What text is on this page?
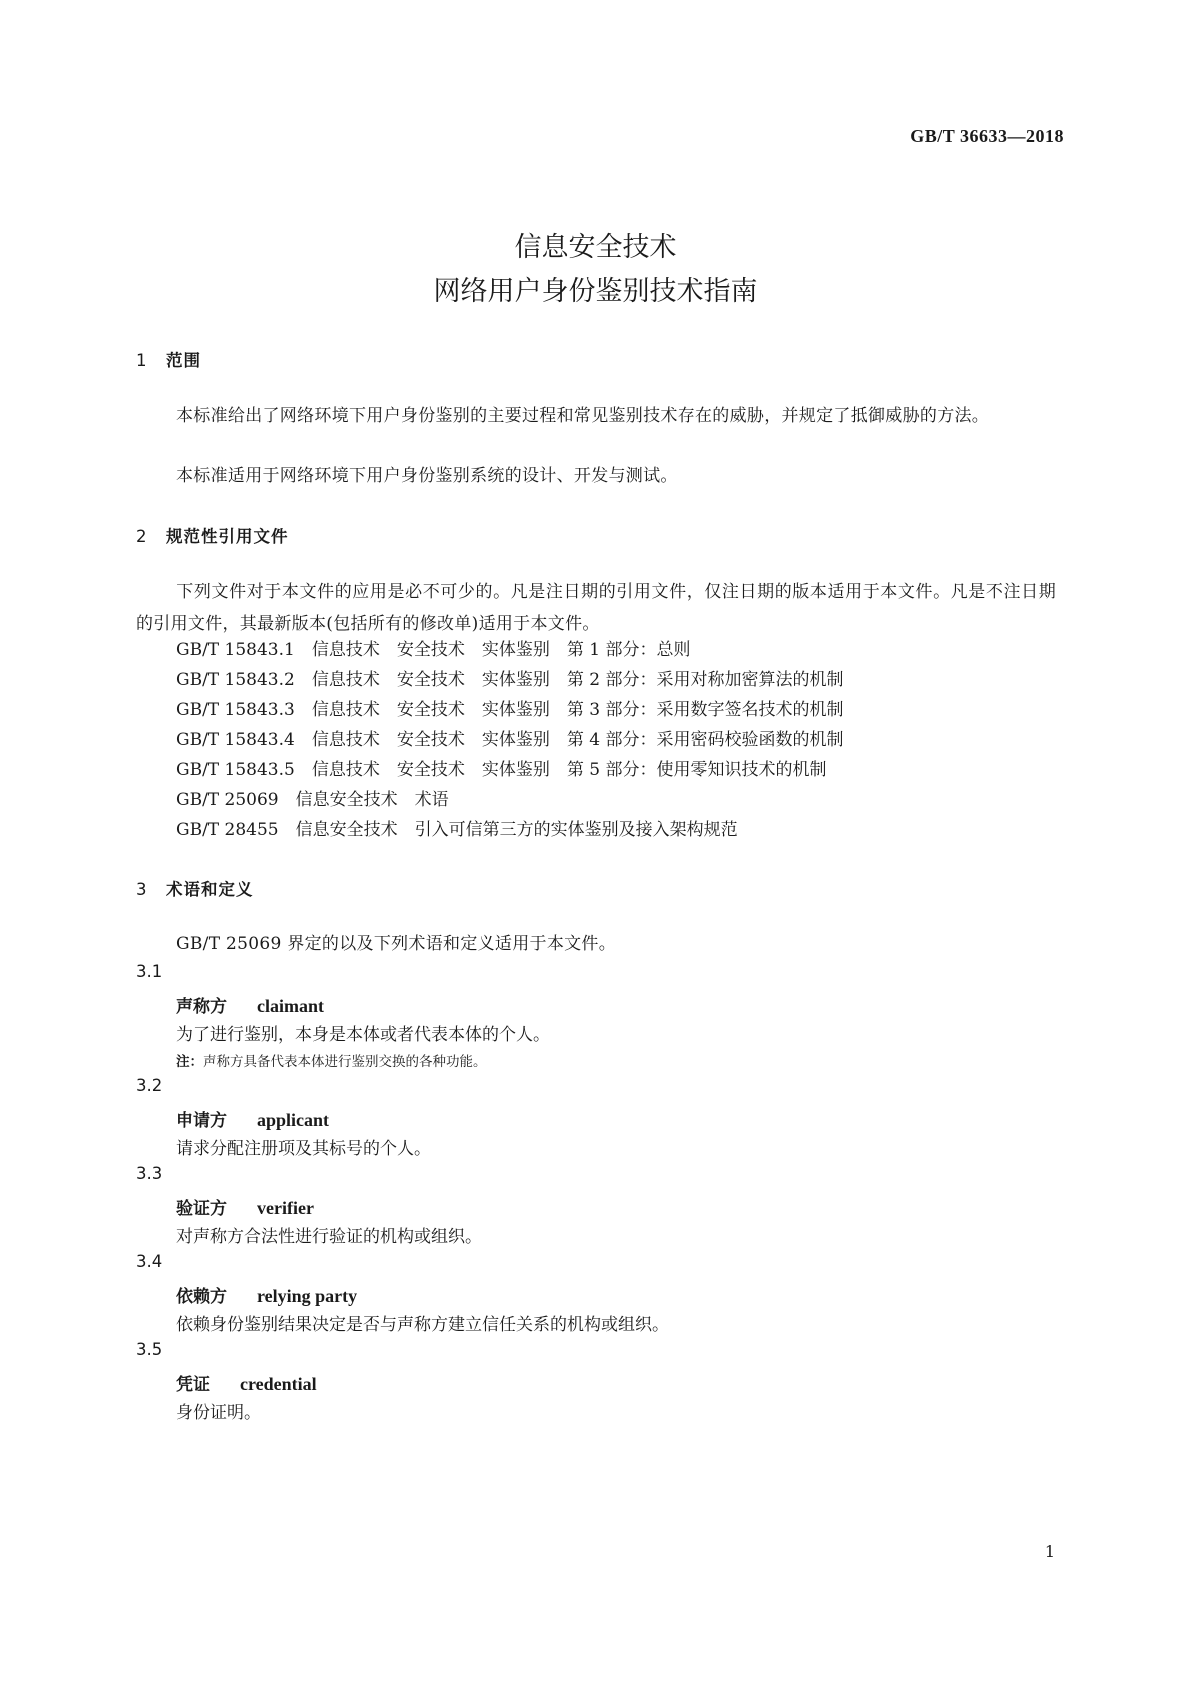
GB/T 36633—2018
信息安全技术
网络用户身份鉴别技术指南
1 范围
本标准给出了网络环境下用户身份鉴别的主要过程和常见鉴别技术存在的威胁，并规定了抵御威胁的方法。
本标准适用于网络环境下用户身份鉴别系统的设计、开发与测试。
2 规范性引用文件
下列文件对于本文件的应用是必不可少的。凡是注日期的引用文件，仅注日期的版本适用于本文件。凡是不注日期的引用文件，其最新版本(包括所有的修改单)适用于本文件。
GB/T 15843.1　 信息技术　安全技术　实体鉴别　第 1 部分：总则
GB/T 15843.2　 信息技术　安全技术　实体鉴别　第 2 部分：采用对称加密算法的机制
GB/T 15843.3　 信息技术　安全技术　实体鉴别　第 3 部分：采用数字签名技术的机制
GB/T 15843.4　 信息技术　安全技术　实体鉴别　第 4 部分：采用密码校验函数的机制
GB/T 15843.5　 信息技术　安全技术　实体鉴别　第 5 部分：使用零知识技术的机制
GB/T 25069　 信息安全技术　术语
GB/T 28455　 信息安全技术　引入可信第三方的实体鉴别及接入架构规范
3 术语和定义
GB/T 25069 界定的以及下列术语和定义适用于本文件。
3.1
声称方 claimant
为了进行鉴别，本身是本体或者代表本体的个人。
注：声称方具备代表本体进行鉴别交换的各种功能。
3.2
申请方 applicant
请求分配注册项及其标号的个人。
3.3
验证方 verifier
对声称方合法性进行验证的机构或组织。
3.4
依赖方 relying party
依赖身份鉴别结果决定是否与声称方建立信任关系的机构或组织。
3.5
凭证 credential
身份证明。
1
